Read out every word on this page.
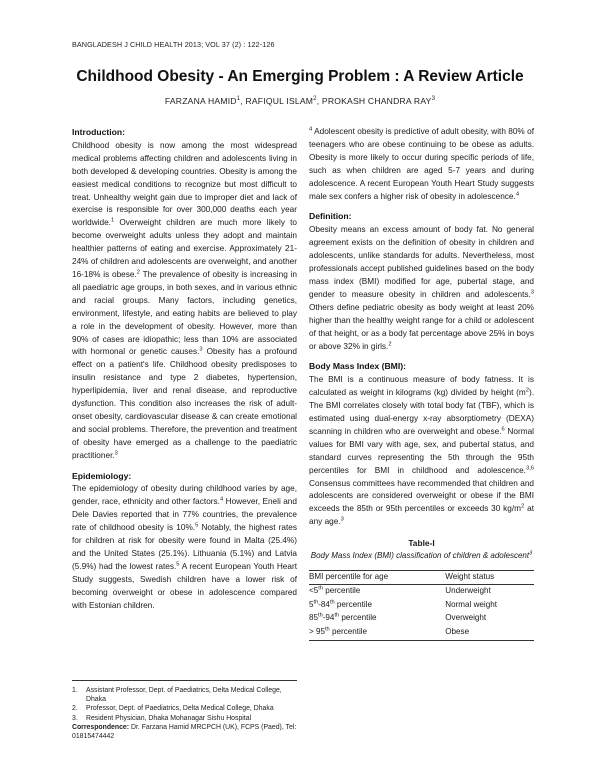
BANGLADESH J CHILD HEALTH 2013; VOL 37 (2) : 122-126
Childhood Obesity - An Emerging Problem : A Review Article
FARZANA HAMID$^1$, RAFIQUL ISLAM$^2$, PROKASH CHANDRA RAY$^3$
Introduction:

Childhood obesity is now among the most widespread medical problems affecting children and adolescents living in both developed & developing countries. Obesity is among the easiest medical conditions to recognize but most difficult to treat. Unhealthy weight gain due to improper diet and lack of exercise is responsible for over 300,000 deaths each year worldwide.$^1$ Overweight children are much more likely to become overweight adults unless they adopt and maintain healthier patterns of eating and exercise. Approximately 21-24% of children and adolescents are overweight, and another 16-18% is obese.$^2$ The prevalence of obesity is increasing in all paediatric age groups, in both sexes, and in various ethnic and racial groups. Many factors, including genetics, environment, lifestyle, and eating habits are believed to play a role in the development of obesity. However, more than 90% of cases are idiopathic; less than 10% are associated with hormonal or genetic causes.$^3$ Obesity has a profound effect on a patient's life. Childhood obesity predisposes to insulin resistance and type 2 diabetes, hypertension, hyperlipidemia, liver and renal disease, and reproductive dysfunction. This condition also increases the risk of adult-onset obesity, cardiovascular disease & can create emotional and social problems. Therefore, the prevention and treatment of obesity have emerged as a challenge to the paediatric practitioner.$^3$

Epidemiology:

The epidemiology of obesity during childhood varies by age, gender, race, ethnicity and other factors.$^4$ However, Eneli and Dele Davies reported that in 77% countries, the prevalence rate of childhood obesity is 10%.$^5$ Notably, the highest rates for children at risk for obesity were found in Malta (25.4%) and the United States (25.1%). Lithuania (5.1%) and Latvia (5.9%) had the lowest rates.$^5$ A recent European Youth Heart Study suggests, Swedish children have a lower risk of becoming overweight or obese in adolescence compared with Estonian children.

$^4$ Adolescent obesity is predictive of adult obesity, with 80% of teenagers who are obese continuing to be obese as adults. Obesity is more likely to occur during specific periods of life, such as when children are aged 5-7 years and during adolescence. A recent European Youth Heart Study suggests male sex confers a higher risk of obesity in adolescence.$^4$

Definition:

Obesity means an excess amount of body fat. No general agreement exists on the definition of obesity in children and adolescents, unlike standards for adults. Nevertheless, most professionals accept published guidelines based on the body mass index (BMI) modified for age, pubertal stage, and gender to measure obesity in children and adolescents.$^3$ Others define pediatric obesity as body weight at least 20% higher than the healthy weight range for a child or adolescent of that height, or as a body fat percentage above 25% in boys or above 32% in girls.$^2$

Body Mass Index (BMI):

The BMI is a continuous measure of body fatness. It is calculated as weight in kilograms (kg) divided by height $(m^2)$. The BMI correlates closely with total body fat (TBF), which is estimated using dual-energy x-ray absorptiometry (DEXA) scanning in children who are overweight and obese.$^6$ Normal values for BMI vary with age, sex, and pubertal status, and standard curves representing the 5th through the 95th percentiles for BMI in childhood and adolescence.$^{3,6}$ Consensus committees have recommended that children and adolescents are considered overweight or obese if the BMI exceeds the 85th or 95th percentiles or exceeds 30 $kg/m^2$ at any age.$^3$

Table-I
Body Mass Index (BMI) classification of children & adolescent$^3$
BMI percentile for age	Weight status
<5th percentile	Underweight
5th-84th percentile	Normal weight
85th-94th percentile	Overweight
> 95th percentile	Obese
1.	Assistant Professor, Dept. of Paediatrics, Delta Medical College, Dhaka
2.	Professor, Dept. of Paediatrics, Delta Medical College, Dhaka
3.	Resident Physician, Dhaka Mohanagar Sishu Hospital
Correspondence: Dr. Farzana Hamid MRCPCH (UK), FCPS (Paed), Tel: 01815474442
